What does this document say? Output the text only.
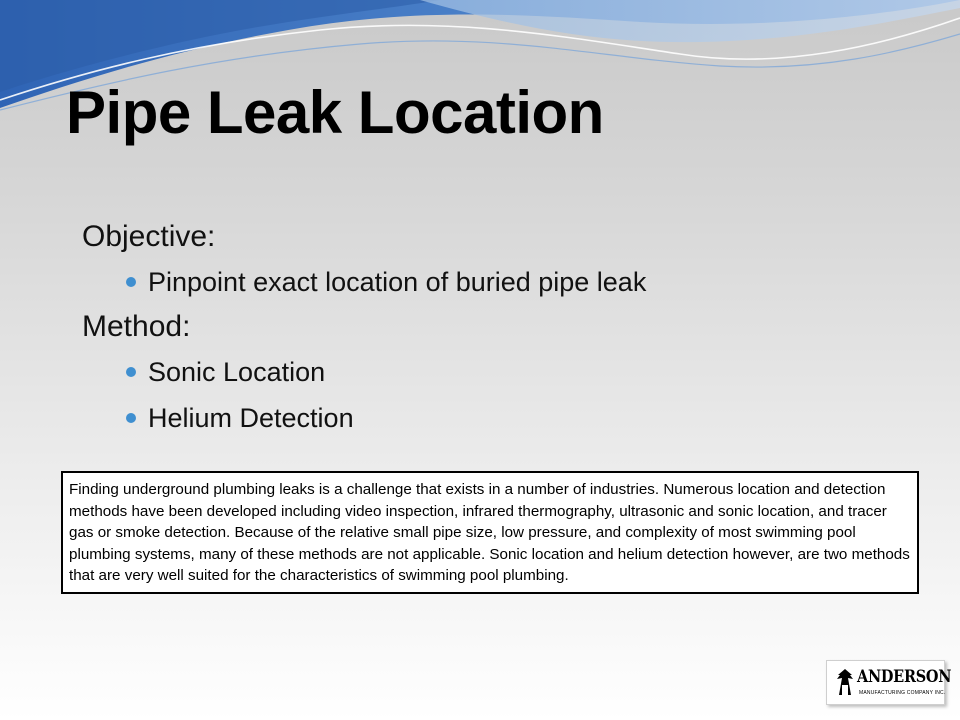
Pipe Leak Location
Objective:
Pinpoint exact location of buried pipe leak
Method:
Sonic Location
Helium Detection
Finding underground plumbing leaks is a challenge that exists in a number of industries. Numerous location and detection methods have been developed including video inspection, infrared thermography, ultrasonic and sonic location, and tracer gas or smoke detection. Because of the relative small pipe size, low pressure, and complexity of most swimming pool plumbing systems, many of these methods are not applicable. Sonic location and helium detection however, are two methods that are very well suited for the characteristics of swimming pool plumbing.
ANDERSON
MANUFACTURING COMPANY INC.
